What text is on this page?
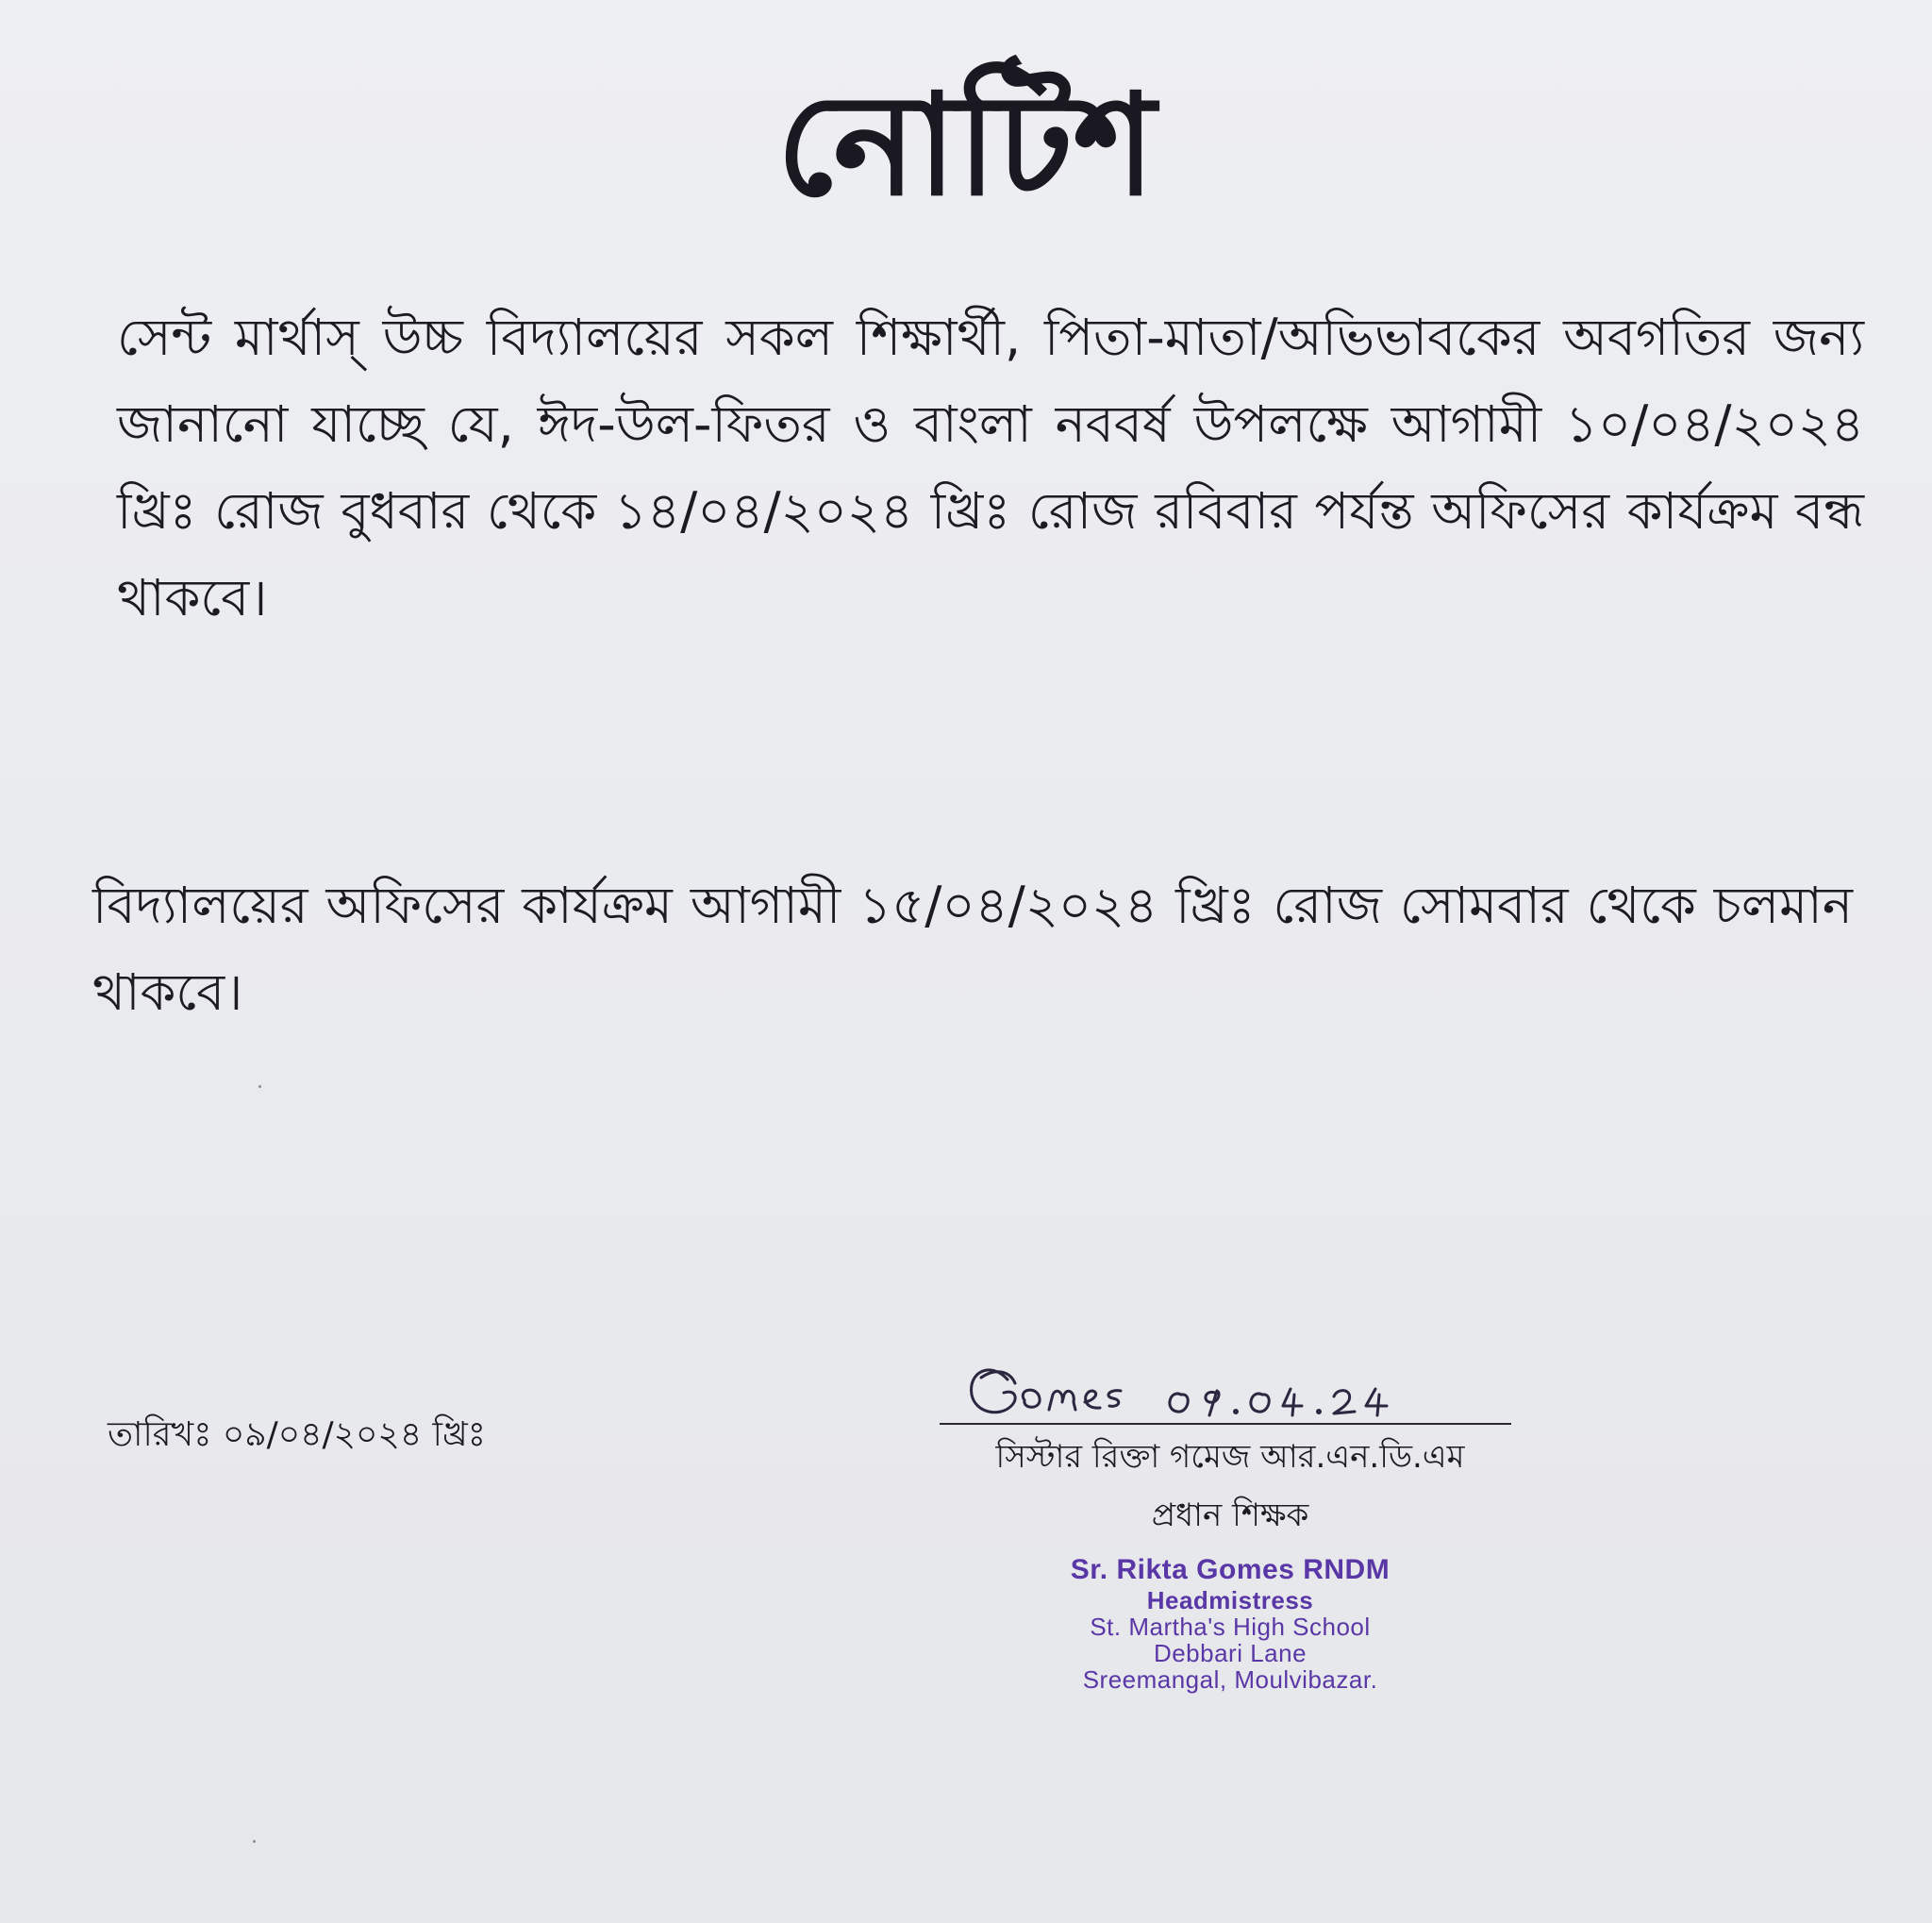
নোটিশ
সেন্ট মার্থাস্ উচ্চ বিদ্যালয়ের সকল শিক্ষার্থী, পিতা-মাতা/অভিভাবকের অবগতির জন্য জানানো যাচ্ছে যে, ঈদ-উল-ফিতর ও বাংলা নববর্ষ উপলক্ষে আগামী ১০/০৪/২০২৪ খ্রিঃ রোজ বুধবার থেকে ১৪/০৪/২০২৪ খ্রিঃ রোজ রবিবার পর্যন্ত অফিসের কার্যক্রম বন্ধ থাকবে।
বিদ্যালয়ের অফিসের কার্যক্রম আগামী ১৫/০৪/২০২৪ খ্রিঃ রোজ সোমবার থেকে চলমান থাকবে।
তারিখঃ ০৯/০৪/২০২৪ খ্রিঃ
সিস্টার রিক্তা গমেজ আর.এন.ডি.এম
প্রধান শিক্ষক
Sr. Rikta Gomes RNDM
Headmistress
St. Martha's High School
Debbari Lane
Sreemangal, Moulvibazar.
